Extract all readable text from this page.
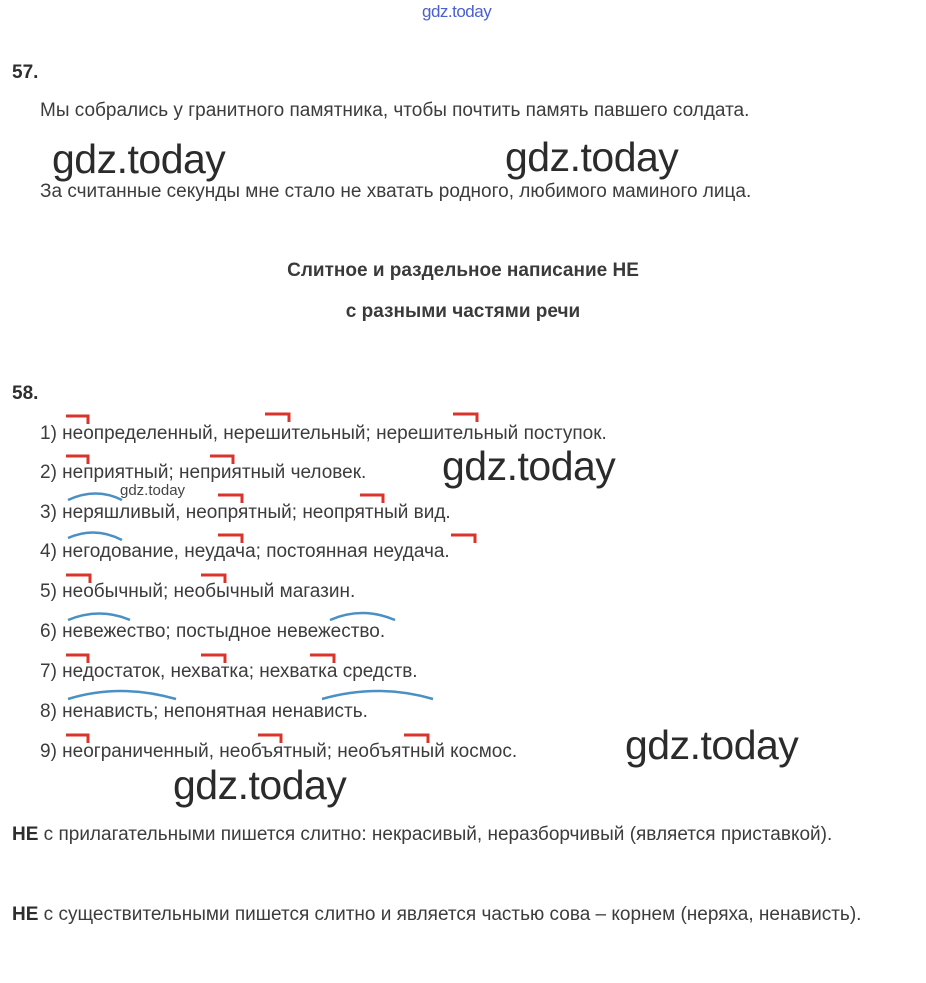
gdz.today
57.
Мы собрались у гранитного памятника, чтобы почтить память павшего солдата.
gdz.today	gdz.today
За считанные секунды мне стало не хватать родного, любимого маминого лица.
Слитное и раздельное написание НЕ
с разными частями речи
58.
1) неопределенный, нерешительный; нерешительный поступок.
2) неприятный; неприятный человек. gdz.today
gdz.today
3) неряшливый, неопрятный; неопрятный вид.
4) негодование, неудача; постоянная неудача.
5) необычный; необычный магазин.
6) невежество; постыдное невежество.
7) недостаток, нехватка; нехватка средств.
8) ненависть; непонятная ненависть.
9) неограниченный, необъятный; необъятный космос.	gdz.today
gdz.today
НЕ с прилагательными пишется слитно: некрасивый, неразборчивый (является приставкой).
НЕ с существительными пишется слитно и является частью сова – корнем (неряха, ненависть).
